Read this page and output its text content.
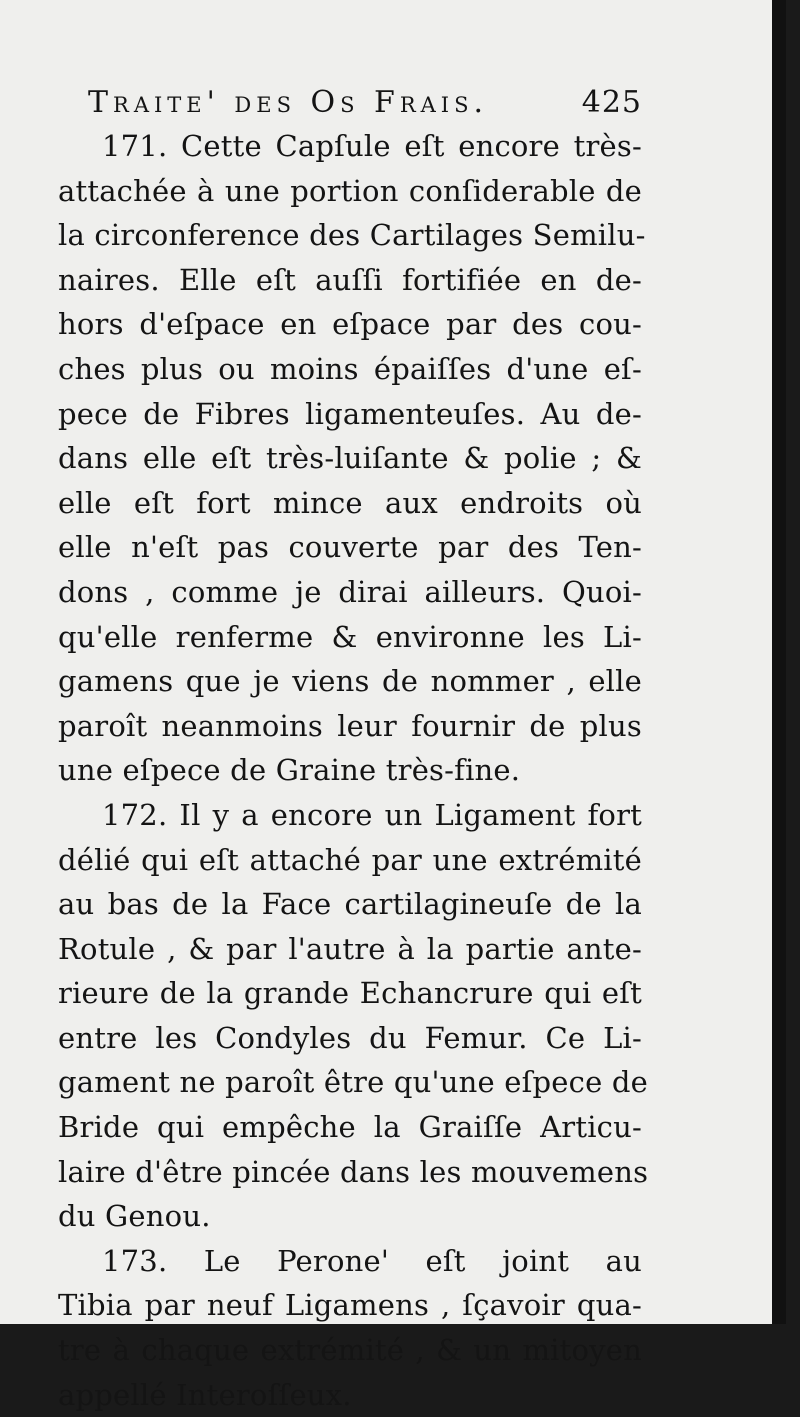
Traite' des Os Frais.	425
171. Cette Capſule eſt encore très-
attachée à une portion conſiderable de
la circonference des Cartilages Semilu-
naires. Elle eſt auſſi fortifiée en de-
hors d'eſpace en eſpace par des cou-
ches plus ou moins épaiſſes d'une eſ-
pece de Fibres ligamenteuſes. Au de-
dans elle eſt très-luiſante & polie ; &
elle eſt fort mince aux endroits où
elle n'eſt pas couverte par des Ten-
dons , comme je dirai ailleurs. Quoi-
qu'elle renferme & environne les Li-
gamens que je viens de nommer , elle
paroît neanmoins leur fournir de plus
une eſpece de Graine très-fine.
172. Il y a encore un Ligament fort
délié qui eſt attaché par une extrémité
au bas de la Face cartilagineuſe de la
Rotule , & par l'autre à la partie ante-
rieure de la grande Echancrure qui eſt
entre les Condyles du Femur. Ce Li-
gament ne paroît être qu'une eſpece de
Bride qui empêche la Graiſſe Articu-
laire d'être pincée dans les mouvemens
du Genou.
173. Le Perone' eſt joint au
Tibia par neuf Ligamens , ſçavoir qua-
tre à chaque extrémité , & un mitoyen
appellé Interoſſeux.
